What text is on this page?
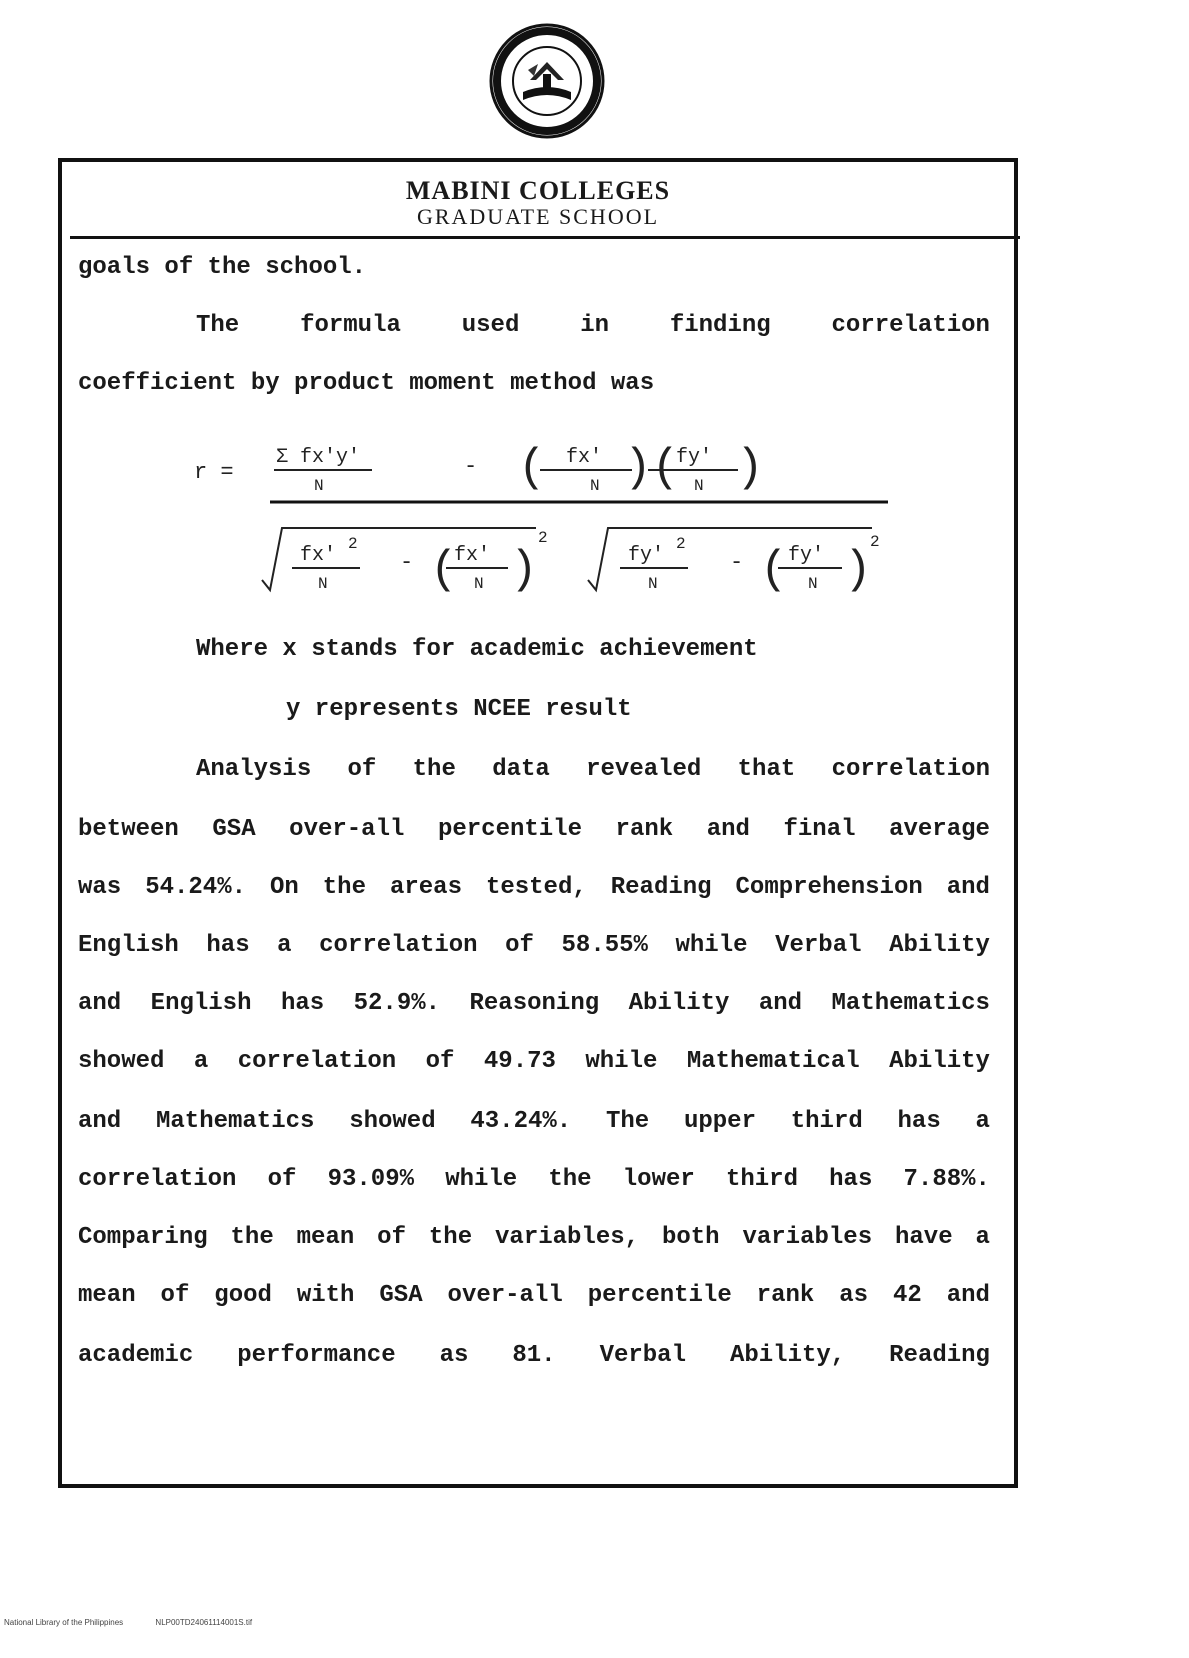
MABINI COLLEGES
GRADUATE SCHOOL
goals of the school.
The	formula	used	in	finding	correlation
coefficient by product moment method was
r =
Σ fx'y'
N
- ( fx'
N )(
fy'
N )
fx' 2
N
- (
fx'
N )
2
fy' 2
N
- ( fy'
N )
2
Where x stands for academic achievement
y represents NCEE result
Analysis of the data revealed that correlation
between GSA over-all percentile rank and final average
was 54.24%. On the areas tested, Reading Comprehension and
English has a correlation of 58.55% while Verbal Ability
and English has 52.9%. Reasoning Ability and Mathematics
showed a correlation of 49.73 while Mathematical Ability
and Mathematics showed 43.24%. The upper third has a
correlation of 93.09% while the lower third has 7.88%.
Comparing the mean of the variables, both variables have a
mean of good with GSA over-all percentile rank as 42 and
academic performance as 81. Verbal Ability, Reading
National Library of the Philippines	NLP00TD24061114001S.tif
